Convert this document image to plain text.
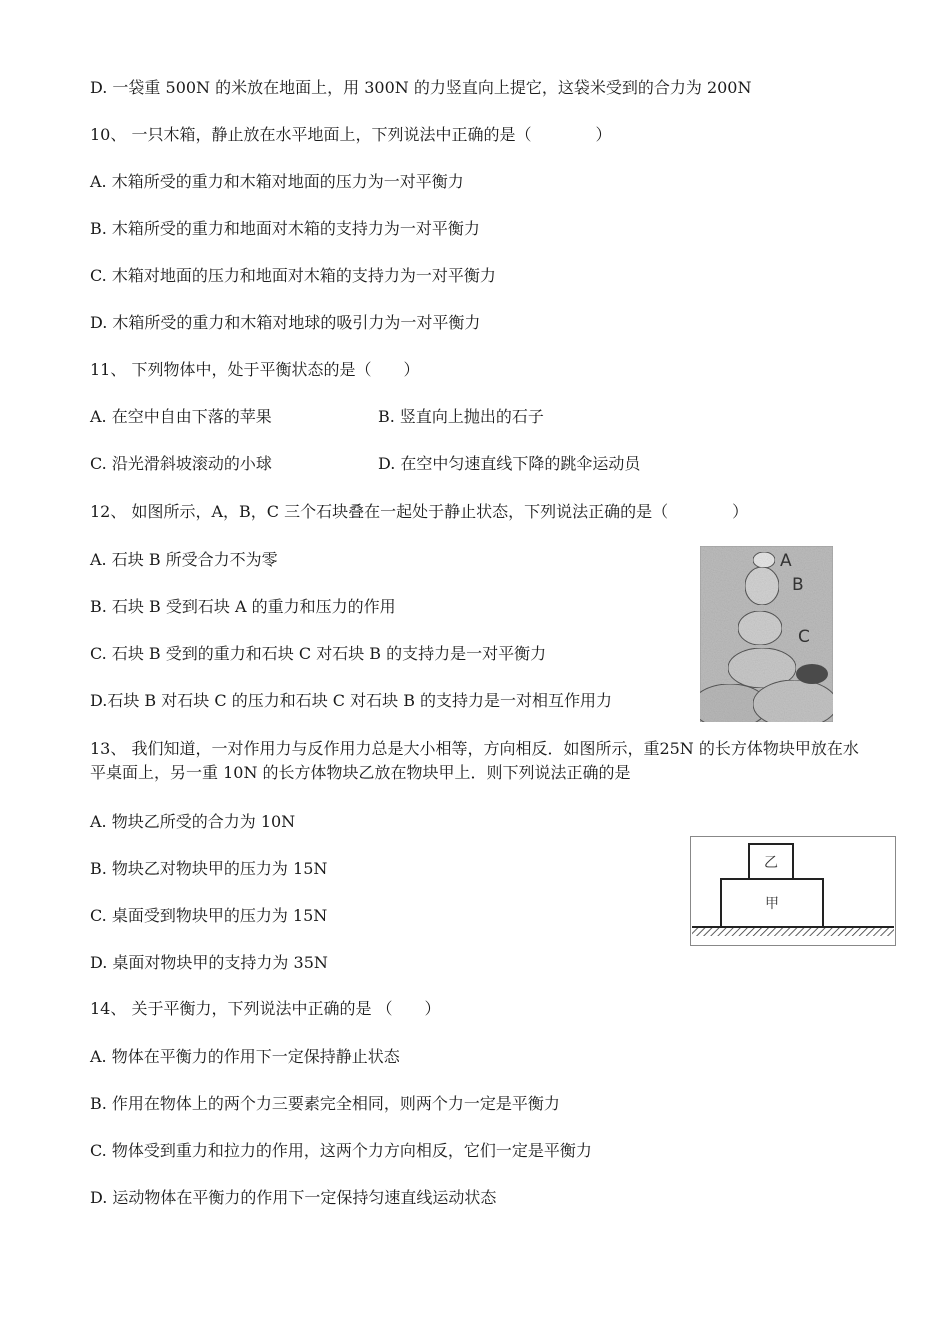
D. 一袋重 500N 的米放在地面上，用 300N 的力竖直向上提它，这袋米受到的合力为 200N
10、 一只木箱，静止放在水平地面上，下列说法中正确的是（　　　　）
A. 木箱所受的重力和木箱对地面的压力为一对平衡力
B. 木箱所受的重力和地面对木箱的支持力为一对平衡力
C. 木箱对地面的压力和地面对木箱的支持力为一对平衡力
D. 木箱所受的重力和木箱对地球的吸引力为一对平衡力
11、 下列物体中，处于平衡状态的是（　　）
A. 在空中自由下落的苹果	B. 竖直向上抛出的石子
C. 沿光滑斜坡滚动的小球	D. 在空中匀速直线下降的跳伞运动员
12、 如图所示，A，B，C 三个石块叠在一起处于静止状态，下列说法正确的是（　　　　）
A. 石块 B 所受合力不为零
B. 石块 B 受到石块 A 的重力和压力的作用
C. 石块 B 受到的重力和石块 C 对石块 B 的支持力是一对平衡力
D.石块 B 对石块 C 的压力和石块 C 对石块 B 的支持力是一对相互作用力
A
B
C
13、 我们知道，一对作用力与反作用力总是大小相等，方向相反．如图所示，重25N 的长方体物块甲放在水平桌面上，另一重 10N 的长方体物块乙放在物块甲上．则下列说法正确的是
A. 物块乙所受的合力为 10N
B. 物块乙对物块甲的压力为 15N
C. 桌面受到物块甲的压力为 15N
D. 桌面对物块甲的支持力为 35N
乙
甲
14、 关于平衡力，下列说法中正确的是 （　　）
A. 物体在平衡力的作用下一定保持静止状态
B. 作用在物体上的两个力三要素完全相同，则两个力一定是平衡力
C. 物体受到重力和拉力的作用，这两个力方向相反，它们一定是平衡力
D. 运动物体在平衡力的作用下一定保持匀速直线运动状态
